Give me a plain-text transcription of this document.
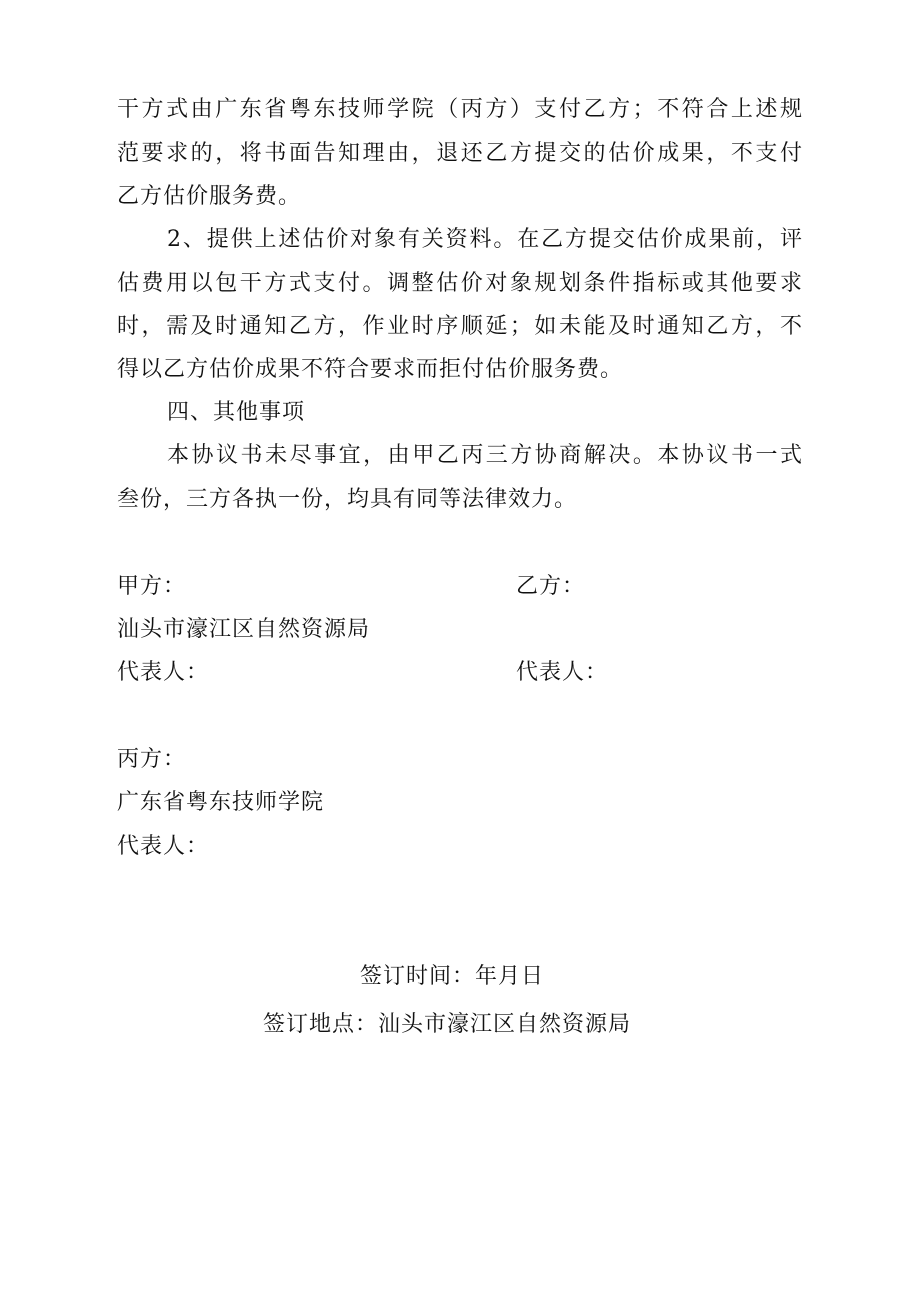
干方式由广东省粤东技师学院（丙方）支付乙方；不符合上述规
范要求的，将书面告知理由，退还乙方提交的估价成果，不支付
乙方估价服务费。
2、提供上述估价对象有关资料。在乙方提交估价成果前，评
估费用以包干方式支付。调整估价对象规划条件指标或其他要求
时，需及时通知乙方，作业时序顺延；如未能及时通知乙方，不
得以乙方估价成果不符合要求而拒付估价服务费。
四、其他事项
本协议书未尽事宜，由甲乙丙三方协商解决。本协议书一式
叁份，三方各执一份，均具有同等法律效力。
甲方：	乙方：
汕头市濠江区自然资源局
代表人：	代表人：
丙方：
广东省粤东技师学院
代表人：
签订时间：年月日
签订地点：汕头市濠江区自然资源局
